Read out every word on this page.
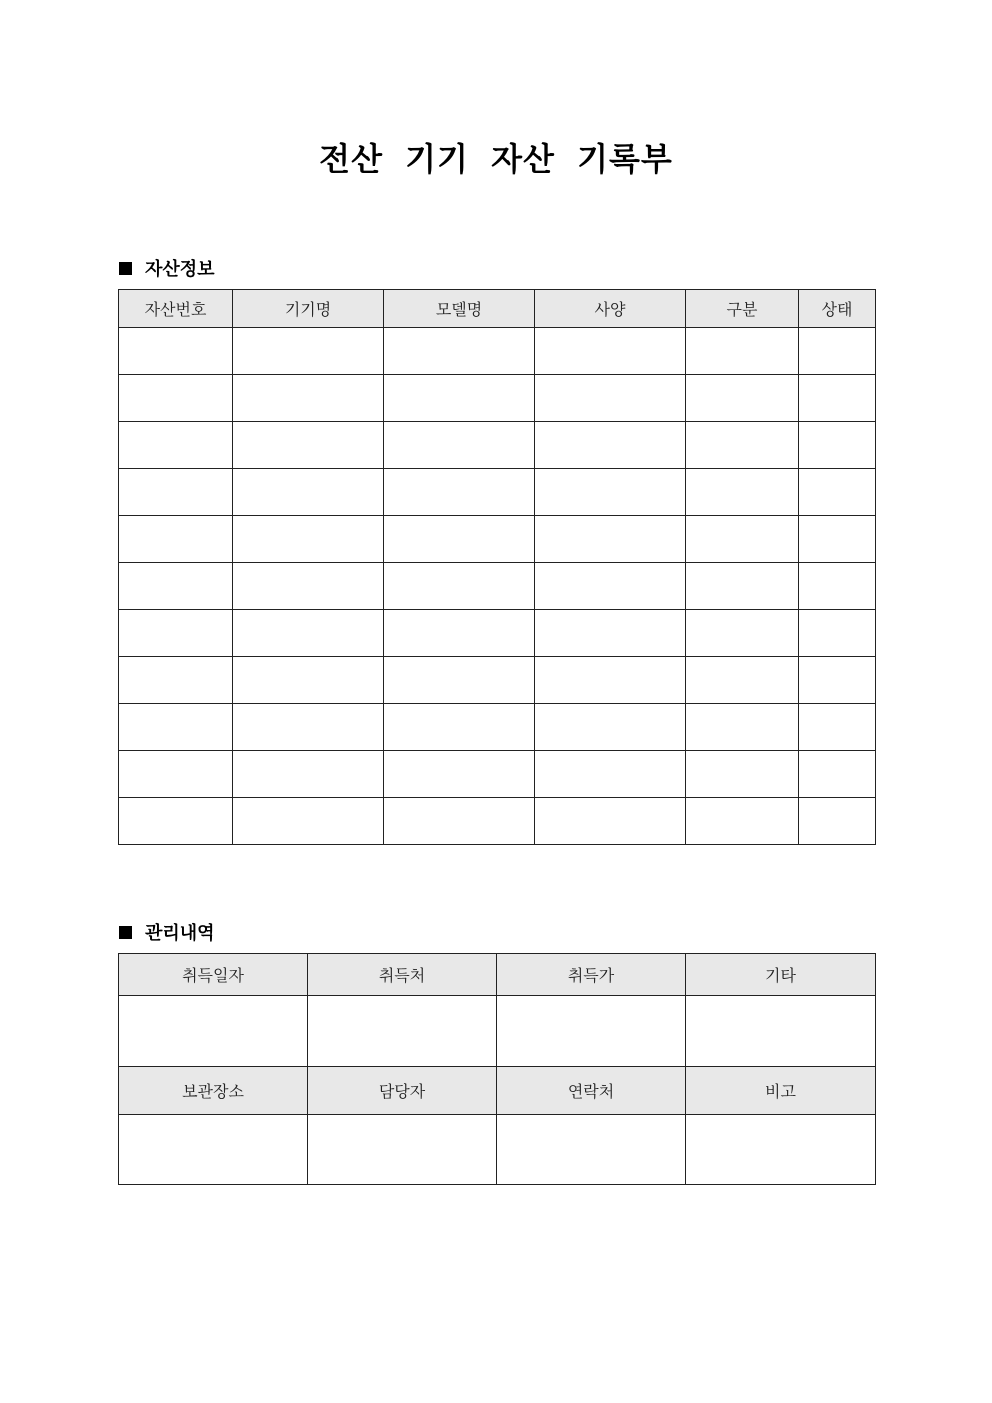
전산 기기 자산 기록부
자산정보
자산번호	기기명	모델명	사양	구분	상태

관리내역
취득일자	취득처	취득가	기타

보관장소	담당자	연락처	비고
